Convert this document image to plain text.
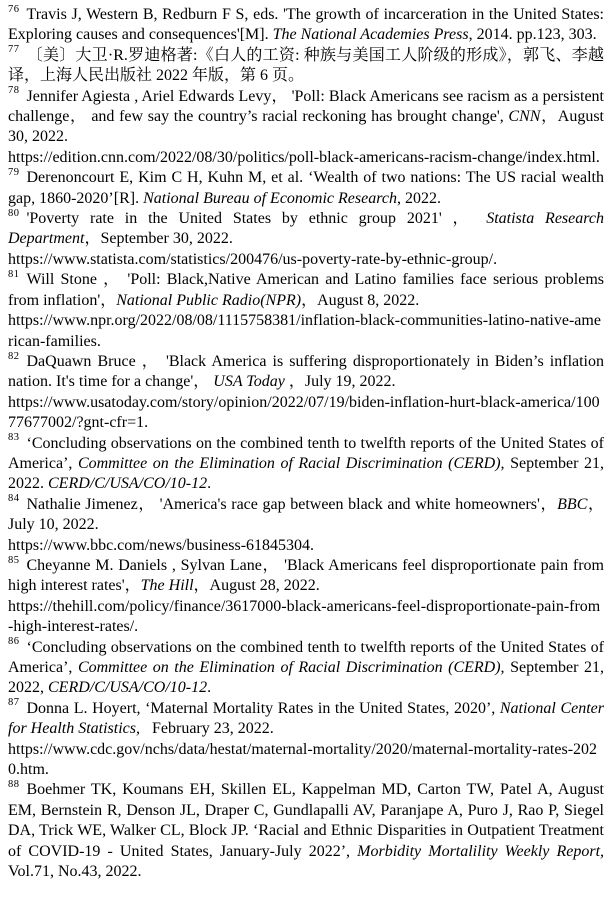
$^{76}$ Travis J, Western B, Redburn F S, eds. 'The growth of incarceration in the United States: Exploring causes and consequences'[M]. The National Academies Press, 2014. pp.123, 303.
$^{77}$ 〔美〕大卫·R.罗迪格著:《白人的工资: 种族与美国工人阶级的形成》，郭飞、李越译，上海人民出版社 2022 年版，第 6 页。
$^{78}$ Jennifer Agiesta , Ariel Edwards Levy， 'Poll: Black Americans see racism as a persistent challenge， and few say the country’s racial reckoning has brought change', CNN，August 30, 2022.
https://edition.cnn.com/2022/08/30/politics/poll-black-americans-racism-change/index.html.
$^{79}$ Derenoncourt E, Kim C H, Kuhn M, et al. ‘Wealth of two nations: The US racial wealth gap, 1860-2020’[R]. National Bureau of Economic Research, 2022.
$^{80}$ 'Poverty rate in the United States by ethnic group 2021' ， Statista Research Department，September 30, 2022.
https://www.statista.com/statistics/200476/us-poverty-rate-by-ethnic-group/.
$^{81}$ Will Stone ， 'Poll: Black,Native American and Latino families face serious problems from inflation'，National Public Radio(NPR)，August 8, 2022.
https://www.npr.org/2022/08/08/1115758381/inflation-black-communities-latino-native-american-families.
$^{82}$ DaQuawn Bruce ， 'Black America is suffering disproportionately in Biden’s inflation nation. It's time for a change'， USA Today ，July 19, 2022.
https://www.usatoday.com/story/opinion/2022/07/19/biden-inflation-hurt-black-america/10077677002/?gnt-cfr=1.
$^{83}$ ‘Concluding observations on the combined tenth to twelfth reports of the United States of America’, Committee on the Elimination of Racial Discrimination (CERD), September 21, 2022. CERD/C/USA/CO/10-12.
$^{84}$ Nathalie Jimenez， 'America's race gap between black and white homeowners'，BBC，July 10, 2022.
https://www.bbc.com/news/business-61845304.
$^{85}$ Cheyanne M. Daniels , Sylvan Lane， 'Black Americans feel disproportionate pain from high interest rates'，The Hill，August 28, 2022.
https://thehill.com/policy/finance/3617000-black-americans-feel-disproportionate-pain-from-high-interest-rates/.
$^{86}$ ‘Concluding observations on the combined tenth to twelfth reports of the United States of America’, Committee on the Elimination of Racial Discrimination (CERD), September 21, 2022, CERD/C/USA/CO/10-12.
$^{87}$ Donna L. Hoyert, ‘Maternal Mortality Rates in the United States, 2020’, National Center for Health Statistics,   February 23, 2022.
https://www.cdc.gov/nchs/data/hestat/maternal-mortality/2020/maternal-mortality-rates-2020.htm.
$^{88}$ Boehmer TK, Koumans EH, Skillen EL, Kappelman MD, Carton TW, Patel A, August EM, Bernstein R, Denson JL, Draper C, Gundlapalli AV, Paranjape A, Puro J, Rao P, Siegel DA, Trick WE, Walker CL, Block JP. ‘Racial and Ethnic Disparities in Outpatient Treatment of COVID-19 - United States, January-July 2022’, Morbidity Mortalility Weekly Report, Vol.71, No.43, 2022.
